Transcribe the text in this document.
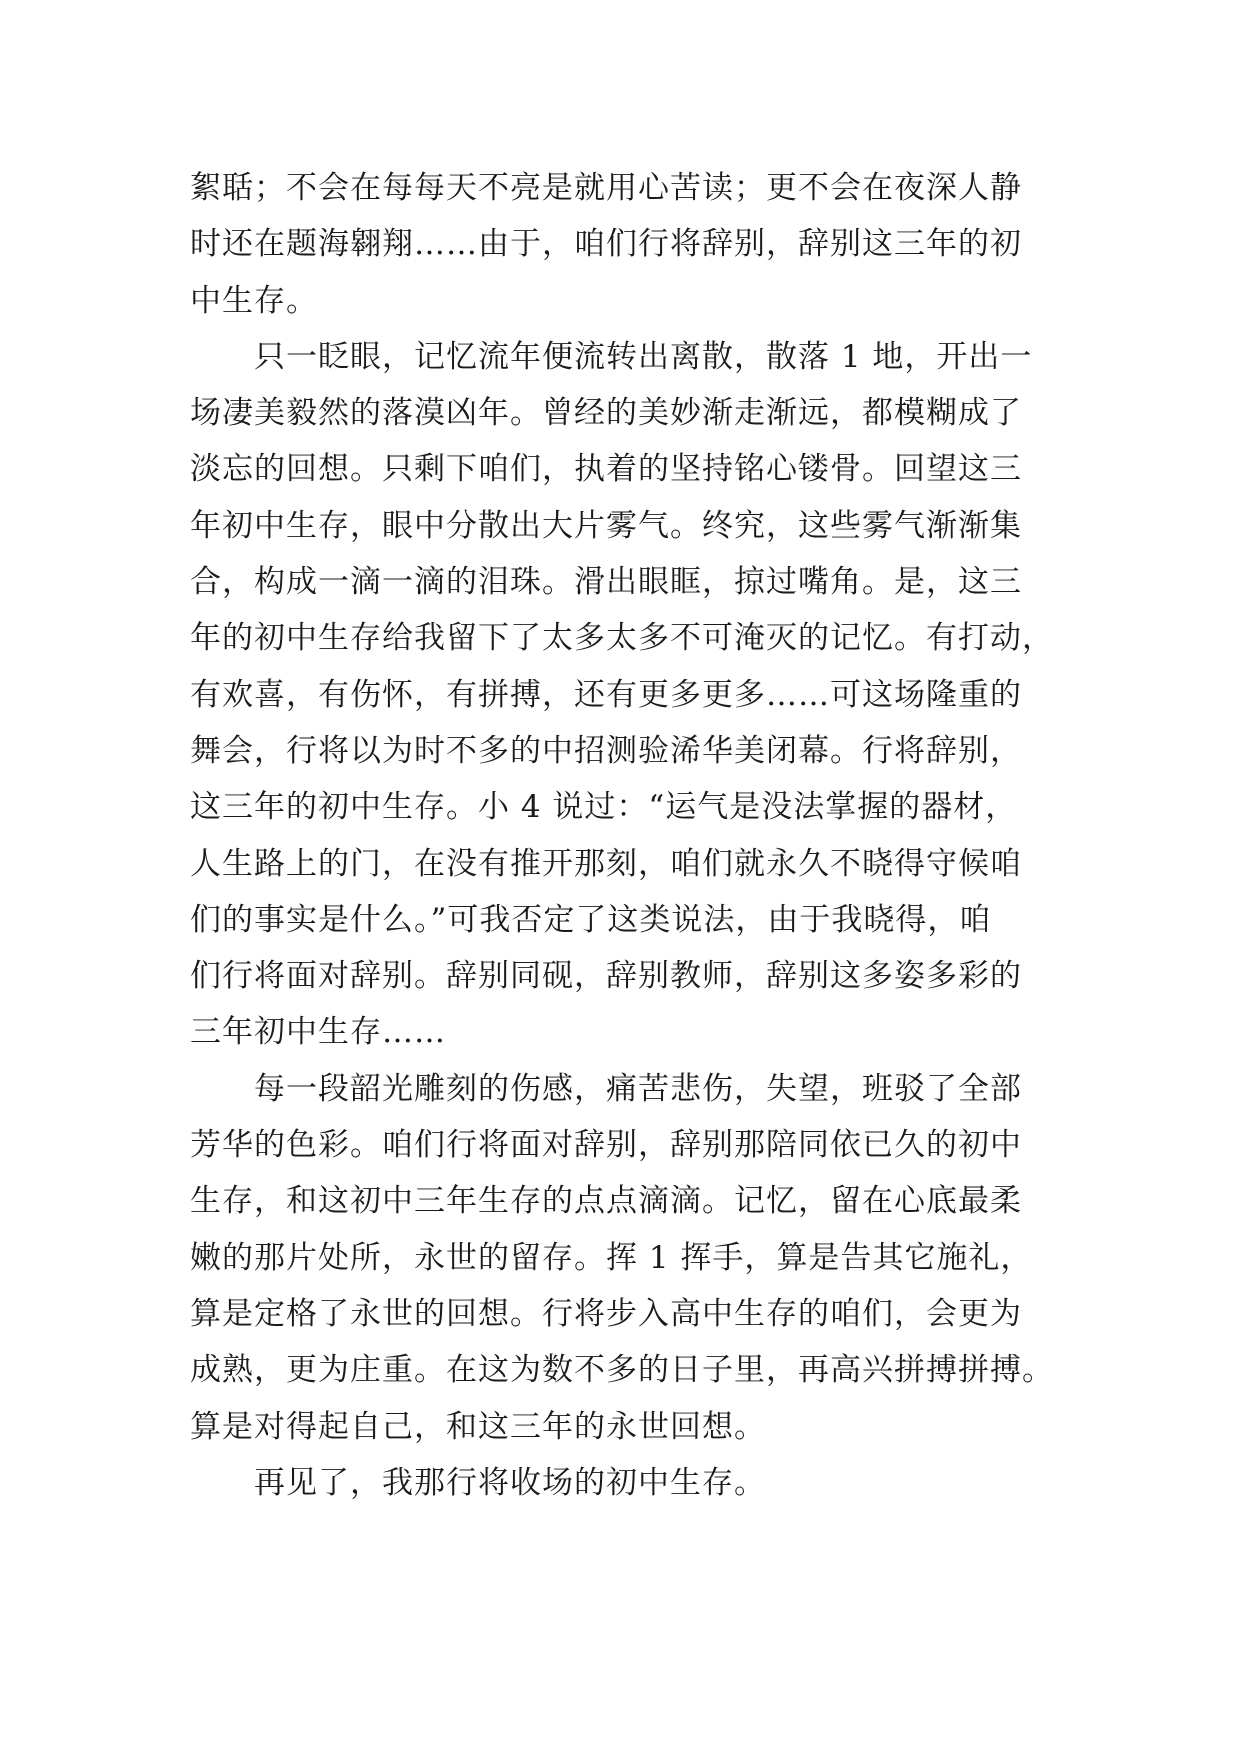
絮聒；不会在每每天不亮是就用心苦读；更不会在夜深人静
时还在题海翱翔……由于，咱们行将辞别，辞别这三年的初
中生存。
只一眨眼，记忆流年便流转出离散，散落 1 地，开出一
场凄美毅然的落漠凶年。曾经的美妙渐走渐远，都模糊成了
淡忘的回想。只剩下咱们，执着的坚持铭心镂骨。回望这三
年初中生存，眼中分散出大片雾气。终究，这些雾气渐渐集
合，构成一滴一滴的泪珠。滑出眼眶，掠过嘴角。是，这三
年的初中生存给我留下了太多太多不可淹灭的记忆。有打动，
有欢喜，有伤怀，有拼搏，还有更多更多……可这场隆重的
舞会，行将以为时不多的中招测验浠华美闭幕。行将辞别，
这三年的初中生存。小 4 说过：“运气是没法掌握的器材，
人生路上的门，在没有推开那刻，咱们就永久不晓得守候咱
们的事实是什么。”可我否定了这类说法，由于我晓得，咱
们行将面对辞别。辞别同砚，辞别教师，辞别这多姿多彩的
三年初中生存……
每一段韶光雕刻的伤感，痛苦悲伤，失望，班驳了全部
芳华的色彩。咱们行将面对辞别，辞别那陪同依已久的初中
生存，和这初中三年生存的点点滴滴。记忆，留在心底最柔
嫩的那片处所，永世的留存。挥 1 挥手，算是告其它施礼，
算是定格了永世的回想。行将步入高中生存的咱们，会更为
成熟，更为庄重。在这为数不多的日子里，再高兴拼搏拼搏。
算是对得起自己，和这三年的永世回想。
再见了，我那行将收场的初中生存。
